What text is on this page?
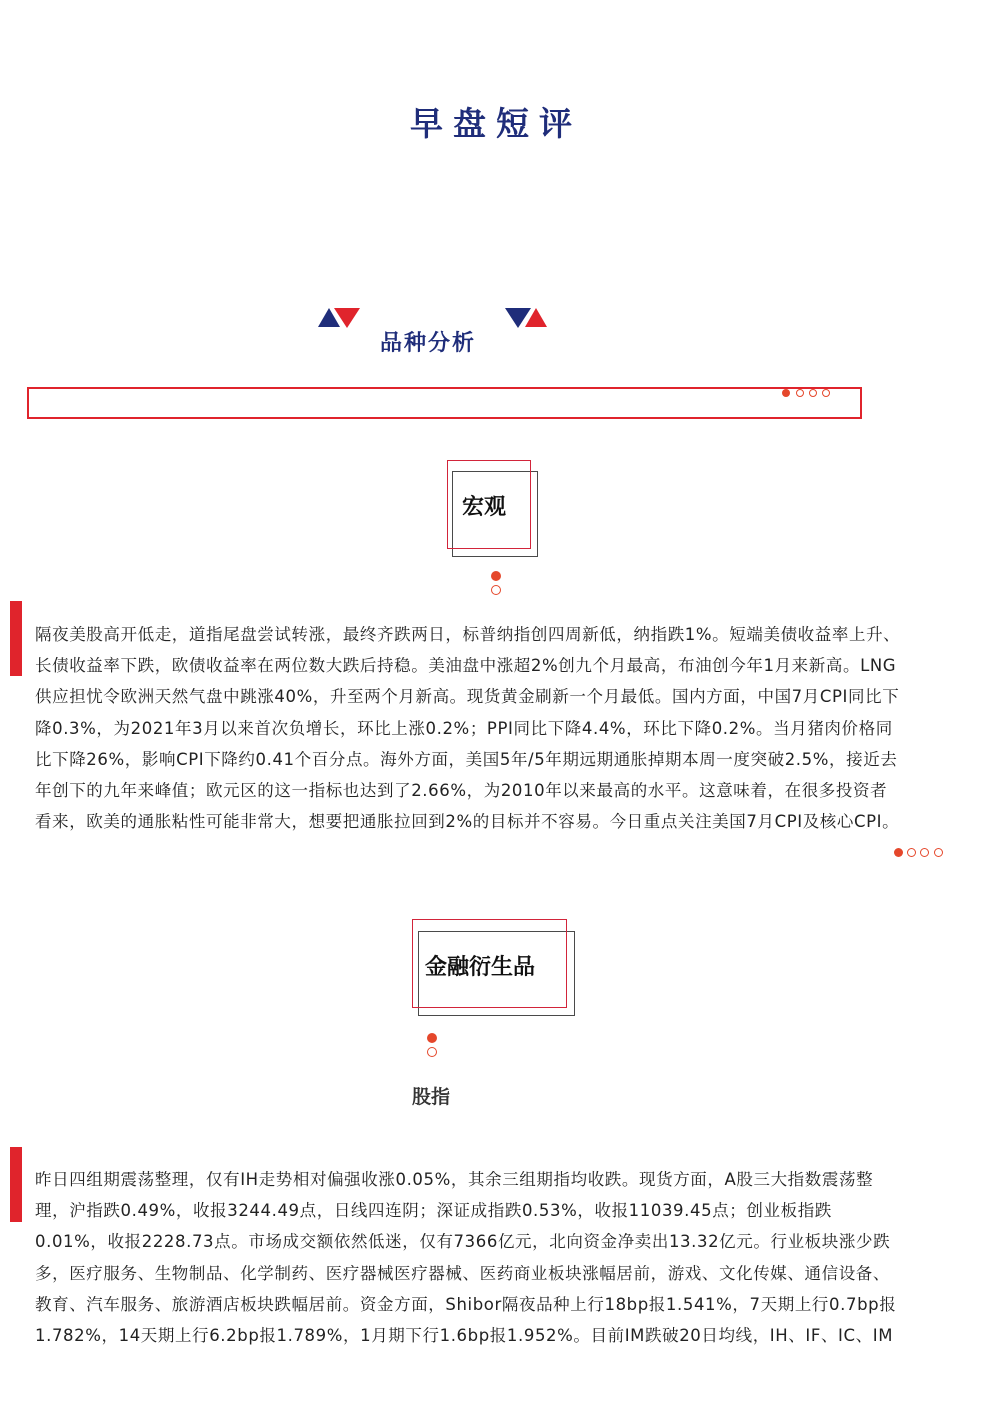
早盘短评
品种分析
宏观
隔夜美股高开低走，道指尾盘尝试转涨，最终齐跌两日，标普纳指创四周新低，纳指跌1%。短端美债收益率上升、
长债收益率下跌，欧债收益率在两位数大跌后持稳。美油盘中涨超2%创九个月最高，布油创今年1月来新高。LNG
供应担忧令欧洲天然气盘中跳涨40%，升至两个月新高。现货黄金刷新一个月最低。国内方面，中国7月CPI同比下
降0.3%，为2021年3月以来首次负增长，环比上涨0.2%；PPI同比下降4.4%，环比下降0.2%。当月猪肉价格同
比下降26%，影响CPI下降约0.41个百分点。海外方面，美国5年/5年期远期通胀掉期本周一度突破2.5%，接近去
年创下的九年来峰值；欧元区的这一指标也达到了2.66%，为2010年以来最高的水平。这意味着，在很多投资者
看来，欧美的通胀粘性可能非常大，想要把通胀拉回到2%的目标并不容易。今日重点关注美国7月CPI及核心CPI。
金融衍生品
股指
昨日四组期震荡整理，仅有IH走势相对偏强收涨0.05%，其余三组期指均收跌。现货方面，A股三大指数震荡整
理，沪指跌0.49%，收报3244.49点，日线四连阴；深证成指跌0.53%，收报11039.45点；创业板指跌
0.01%，收报2228.73点。市场成交额依然低迷，仅有7366亿元，北向资金净卖出13.32亿元。行业板块涨少跌
多，医疗服务、生物制品、化学制药、医疗器械医疗器械、医药商业板块涨幅居前，游戏、文化传媒、通信设备、
教育、汽车服务、旅游酒店板块跌幅居前。资金方面，Shibor隔夜品种上行18bp报1.541%，7天期上行0.7bp报
1.782%，14天期上行6.2bp报1.789%，1月期下行1.6bp报1.952%。目前IM跌破20日均线，IH、IF、IC、IM
